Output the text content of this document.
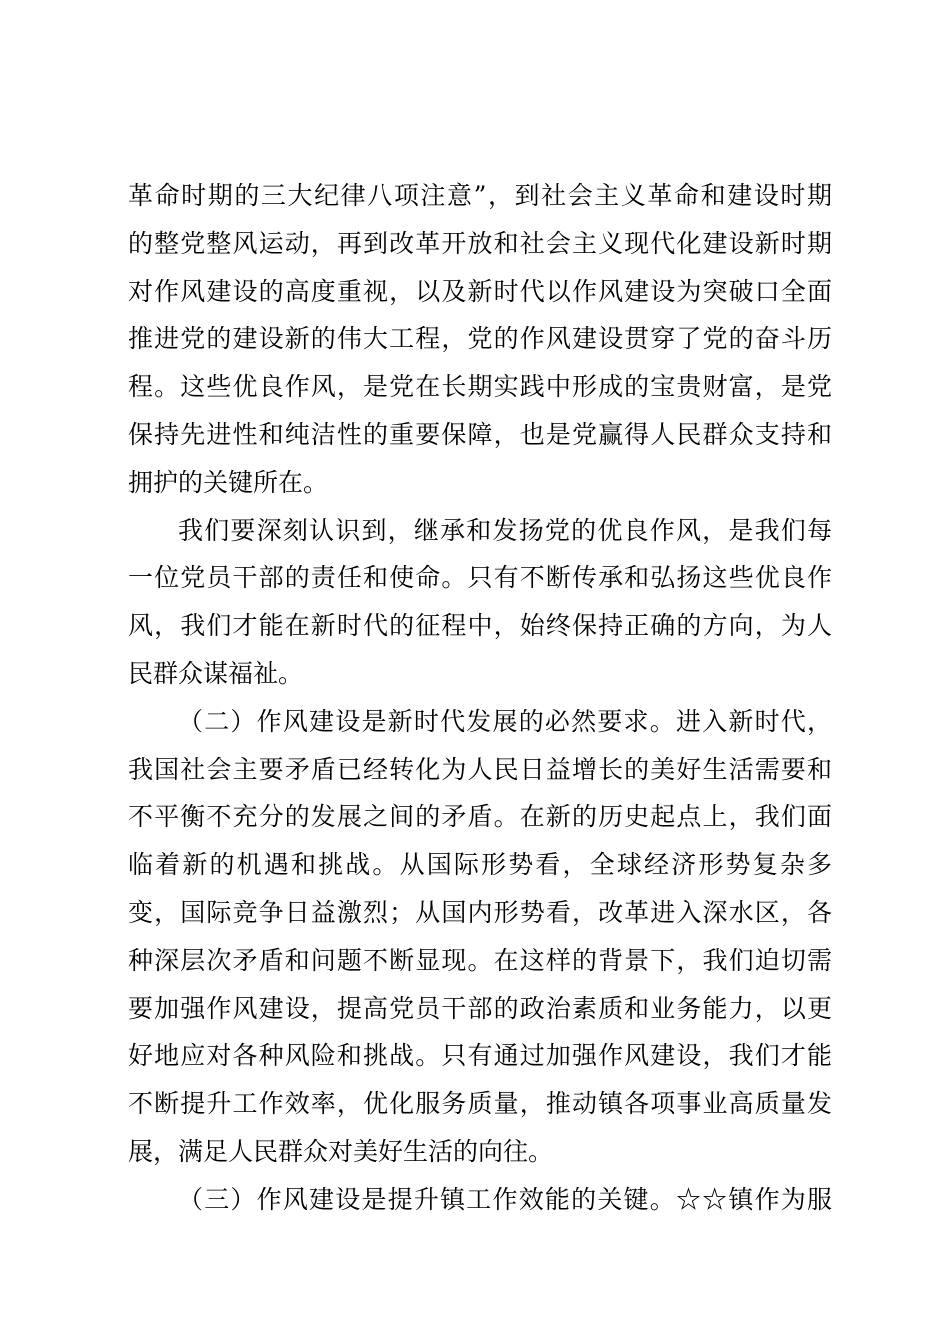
革命时期的三大纪律八项注意”，到社会主义革命和建设时期
的整党整风运动，再到改革开放和社会主义现代化建设新时期
对作风建设的高度重视，以及新时代以作风建设为突破口全面
推进党的建设新的伟大工程，党的作风建设贯穿了党的奋斗历
程。这些优良作风，是党在长期实践中形成的宝贵财富，是党
保持先进性和纯洁性的重要保障，也是党赢得人民群众支持和
拥护的关键所在。
我们要深刻认识到，继承和发扬党的优良作风，是我们每
一位党员干部的责任和使命。只有不断传承和弘扬这些优良作
风，我们才能在新时代的征程中，始终保持正确的方向，为人
民群众谋福祉。
（二）作风建设是新时代发展的必然要求。进入新时代，
我国社会主要矛盾已经转化为人民日益增长的美好生活需要和
不平衡不充分的发展之间的矛盾。在新的历史起点上，我们面
临着新的机遇和挑战。从国际形势看，全球经济形势复杂多
变，国际竞争日益激烈；从国内形势看，改革进入深水区，各
种深层次矛盾和问题不断显现。在这样的背景下，我们迫切需
要加强作风建设，提高党员干部的政治素质和业务能力，以更
好地应对各种风险和挑战。只有通过加强作风建设，我们才能
不断提升工作效率，优化服务质量，推动镇各项事业高质量发
展，满足人民群众对美好生活的向往。
（三）作风建设是提升镇工作效能的关键。☆☆镇作为服
